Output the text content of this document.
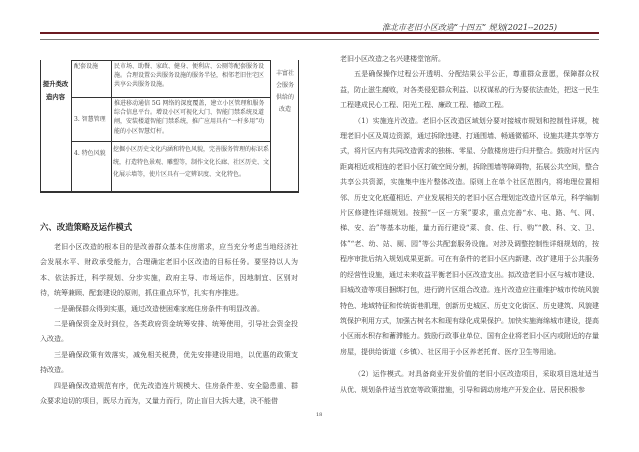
淮北市老旧小区改造“十四五” 规划(2021--2025)
提升类改造内容
丰富社会服务供给的改造
配套设施	民市场、助餐、家政、健身、便利店、公厕等配套服务设施。合理设置公共服务设施的服务半径，相邻老旧住宅区共享公共服务设施。
3. 智慧管理
推进移动通信 5G 网络的深度覆盖，建立小区管理和服务综合信息平台。增设小区可视化大门、智能门禁系统及道闸，安装楼道智能门禁系统，推广应用具有“一杆多用”功能的小区智慧灯杆。
4. 特色风貌
挖掘小区历史文化内涵和特色风貌，完善服务管理的标识系统，打造特色景观、雕塑等，制作文化长廊、社区历史、文化展示墙等，使片区具有一定辨识度、文化特色。
六、改造策略及运作模式

老旧小区改造的根本目的是改善群众基本住房需求，应当充分考虑当地经济社会发展水平、财政承受能力，合理确定老旧小区改造的目标任务。要坚持以人为本、依法拆迁，科学规划、分步实施，政府主导、市场运作，因地制宜、区别对待，统筹兼顾、配套建设的原则，抓住重点环节，扎实有序推进。

一是确保群众得到实惠，通过改造使困难家庭住房条件有明显改善。

二是确保资金及时到位，各类政府资金统筹安排、统筹使用，引导社会资金投入改造。

三是确保政策有效落实，减免相关税费，优先安排建设用地，以优惠的政策支持改造。

四是确保改造规范有序，优先改造连片规模大、住房条件差、安全隐患重、群众要求迫切的项目，既尽力而为，又量力而行，防止盲目大拆大建，决不能借

老旧小区改造之名兴建楼堂馆所。

五是确保操作过程公开透明、分配结果公平公正，尊重群众意愿，保障群众权益，防止滋生腐败，对各类侵犯群众利益、以权谋私的行为要依法查处，把这一民生工程建成民心工程、阳光工程、廉政工程、德政工程。

（1）实施连片改造。老旧小区改造区域划分要对接城市规划和控制性详规，梳理老旧小区及周边资源，通过拆除违建、打通围墙、畅通微循环、设施共建共享等方式，将片区内有共同改造需求的独栋、零星、分散楼房进行归并整合。鼓励对片区内距离相近或相连的老旧小区打破空间分割，拆除围墙等障碍物，拓展公共空间，整合共享公共资源，实施集中连片整体改造。原则上在单个社区范围内，将地理位置相邻、历史文化底蕴相近、产业发展相关的老旧小区合理划定改造片区单元，科学编制片区修建性详细规划。按照“一区一方案”要求，重点完善“水、电、路、气、网、梯、安、治”等基本功能，量力而行建设“菜、食、住、行、购”“教、科、文、卫、体”“老、幼、站、厕、园”等公共配套服务设施。对涉及调整控制性详细规划的，按程序审批后纳入规划成果更新。可在有条件的老旧小区内新建、改扩建用于公共服务的经营性设施，通过未来收益平衡老旧小区改造支出。拟改造老旧小区与城市建设、旧城改造等项目捆绑打包，进行跨片区组合改造。连片改造应注重维护城市传统风貌特色、地域特征和传统街巷肌理，创新历史城区、历史文化街区、历史建筑、风貌建筑保护利用方式，加强古树名木和现有绿化成果保护。加快实施海绵城市建设，提高小区雨水积存和蓄滞能力。鼓励行政事业单位、国有企业将老旧小区内或附近的存量房屋，提供给街道（乡镇）、社区用于小区养老托育、医疗卫生等用途。

（2）运作模式。对具备商业开发价值的老旧小区改造项目，采取项目选址适当从优、规划条件适当放宽等政策措施，引导和调动房地产开发企业、居民积极参

18
